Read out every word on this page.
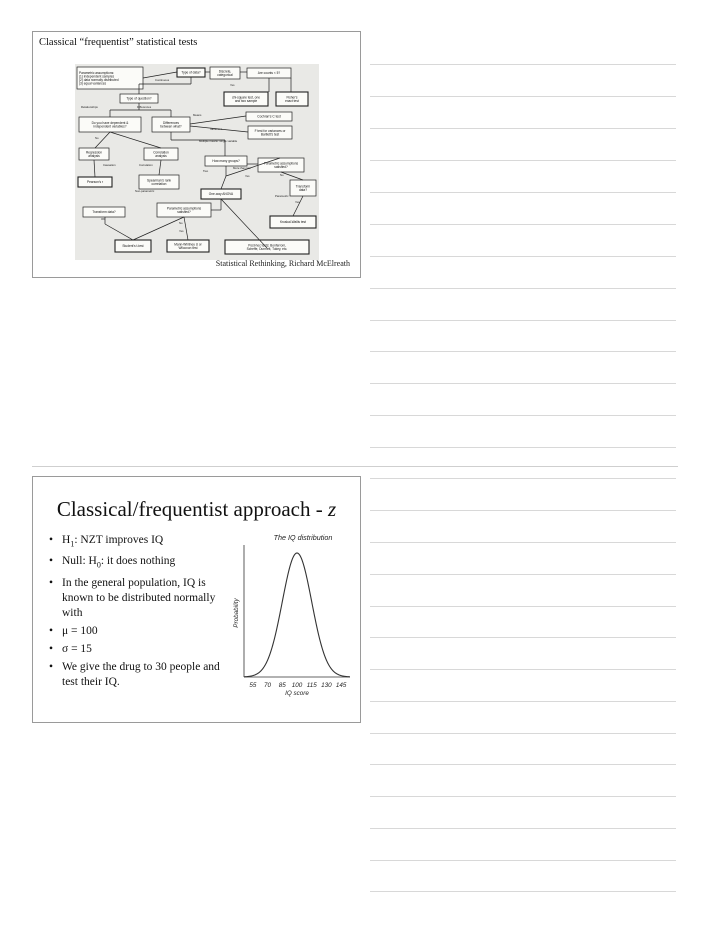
Classical “frequentist” statistical tests
Parametric assumptions:
(1) independent samples
(2) data normally distributed
(3) equal variances
Type of data?	Discrete,
categorical	Are counts < 5?
chi-square test, one
and two sample
Fisher's
exact test
Type of question?
Do you have dependent &
independent variables?
Differences
between what?
Cochran's C test
F test for variances or
Bartlett's test
Regression
analysis
Correlation
analysis
How many groups?
Parametric assumptions
satisfied?
Pearson's r	Spearman's rank
correlation
One-way ANOVA
Transform
data?
Parametric assumptions
satisfied?
Transform data?
Kruskal-Wallis test
Student's t-test	Mann-Whitney U or
Wilcoxon test
Post-hoc tests: Bonferroni,
Scheffe, Dunnett, Tukey, etc.
Continuous
Relationships	Differences
Means
Variances
Multiple means: single variable
Yes
No
Causation	Correlation
Two
More than two
Yes	No
Yes
No
OK
Yes
Parametric
Non-parametric
Statistical Rethinking, Richard McElreath
Classical/frequentist approach - z
• $H_1$: NZT improves IQ
• Null: $H_0$: it does nothing
• In the general population, IQ is known to be distributed normally with
• μ = 100
• σ = 15
• We give the drug to 30 people and test their IQ.
The IQ distribution
55 70 85 100 115 130 145
IQ score
Probability
